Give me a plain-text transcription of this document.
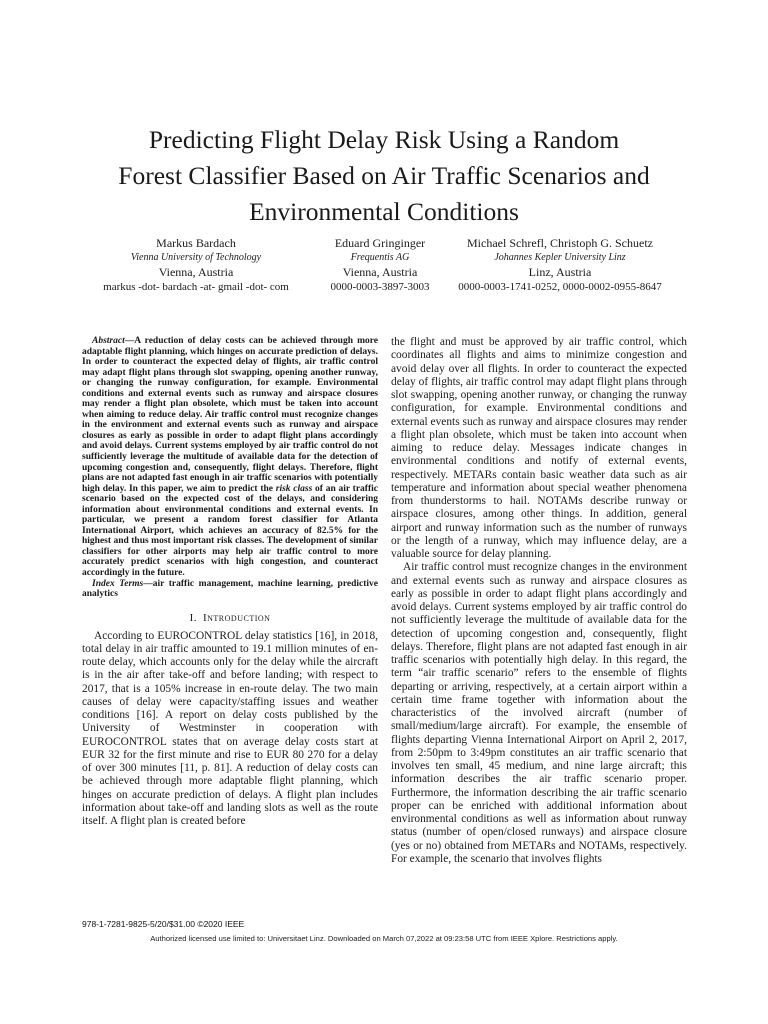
Predicting Flight Delay Risk Using a Random
Forest Classifier Based on Air Traffic Scenarios and
Environmental Conditions
Markus Bardach
Vienna University of Technology
Vienna, Austria
markus -dot- bardach -at- gmail -dot- com
Eduard Gringinger
Frequentis AG
Vienna, Austria
0000-0003-3897-3003
Michael Schrefl, Christoph G. Schuetz
Johannes Kepler University Linz
Linz, Austria
0000-0003-1741-0252, 0000-0002-0955-8647

Abstract—A reduction of delay costs can be achieved through more adaptable flight planning, which hinges on accurate prediction of delays. In order to counteract the expected delay of flights, air traffic control may adapt flight plans through slot swapping, opening another runway, or changing the runway configuration, for example. Environmental conditions and external events such as runway and airspace closures may render a flight plan obsolete, which must be taken into account when aiming to reduce delay. Air traffic control must recognize changes in the environment and external events such as runway and airspace closures as early as possible in order to adapt flight plans accordingly and avoid delays. Current systems employed by air traffic control do not sufficiently leverage the multitude of available data for the detection of upcoming congestion and, consequently, flight delays. Therefore, flight plans are not adapted fast enough in air traffic scenarios with potentially high delay. In this paper, we aim to predict the risk class of an air traffic scenario based on the expected cost of the delays, and considering information about environmental conditions and external events. In particular, we present a random forest classifier for Atlanta International Airport, which achieves an accuracy of 82.5% for the highest and thus most important risk classes. The development of similar classifiers for other airports may help air traffic control to more accurately predict scenarios with high congestion, and counteract accordingly in the future.

Index Terms—air traffic management, machine learning, predictive analytics

I. Introduction

According to EUROCONTROL delay statistics [16], in 2018, total delay in air traffic amounted to 19.1 million minutes of en-route delay, which accounts only for the delay while the aircraft is in the air after take-off and before landing; with respect to 2017, that is a 105% increase in en-route delay. The two main causes of delay were capacity/staffing issues and weather conditions [16]. A report on delay costs published by the University of Westminster in cooperation with EUROCONTROL states that on average delay costs start at EUR 32 for the first minute and rise to EUR 80 270 for a delay of over 300 minutes [11, p. 81]. A reduction of delay costs can be achieved through more adaptable flight planning, which hinges on accurate prediction of delays. A flight plan includes information about take-off and landing slots as well as the route itself. A flight plan is created before

the flight and must be approved by air traffic control, which coordinates all flights and aims to minimize congestion and avoid delay over all flights. In order to counteract the expected delay of flights, air traffic control may adapt flight plans through slot swapping, opening another runway, or changing the runway configuration, for example. Environmental conditions and external events such as runway and airspace closures may render a flight plan obsolete, which must be taken into account when aiming to reduce delay. Messages indicate changes in environmental conditions and notify of external events, respectively. METARs contain basic weather data such as air temperature and information about special weather phenomena from thunderstorms to hail. NOTAMs describe runway or airspace closures, among other things. In addition, general airport and runway information such as the number of runways or the length of a runway, which may influence delay, are a valuable source for delay planning.

Air traffic control must recognize changes in the environment and external events such as runway and airspace closures as early as possible in order to adapt flight plans accordingly and avoid delays. Current systems employed by air traffic control do not sufficiently leverage the multitude of available data for the detection of upcoming congestion and, consequently, flight delays. Therefore, flight plans are not adapted fast enough in air traffic scenarios with potentially high delay. In this regard, the term “air traffic scenario” refers to the ensemble of flights departing or arriving, respectively, at a certain airport within a certain time frame together with information about the characteristics of the involved aircraft (number of small/medium/large aircraft). For example, the ensemble of flights departing Vienna International Airport on April 2, 2017, from 2:50pm to 3:49pm constitutes an air traffic scenario that involves ten small, 45 medium, and nine large aircraft; this information describes the air traffic scenario proper. Furthermore, the information describing the air traffic scenario proper can be enriched with additional information about environmental conditions as well as information about runway status (number of open/closed runways) and airspace closure (yes or no) obtained from METARs and NOTAMs, respectively. For example, the scenario that involves flights

978-1-7281-9825-5/20/$31.00 ©2020 IEEE
Authorized licensed use limited to: Universitaet Linz. Downloaded on March 07,2022 at 09:23:58 UTC from IEEE Xplore. Restrictions apply.
